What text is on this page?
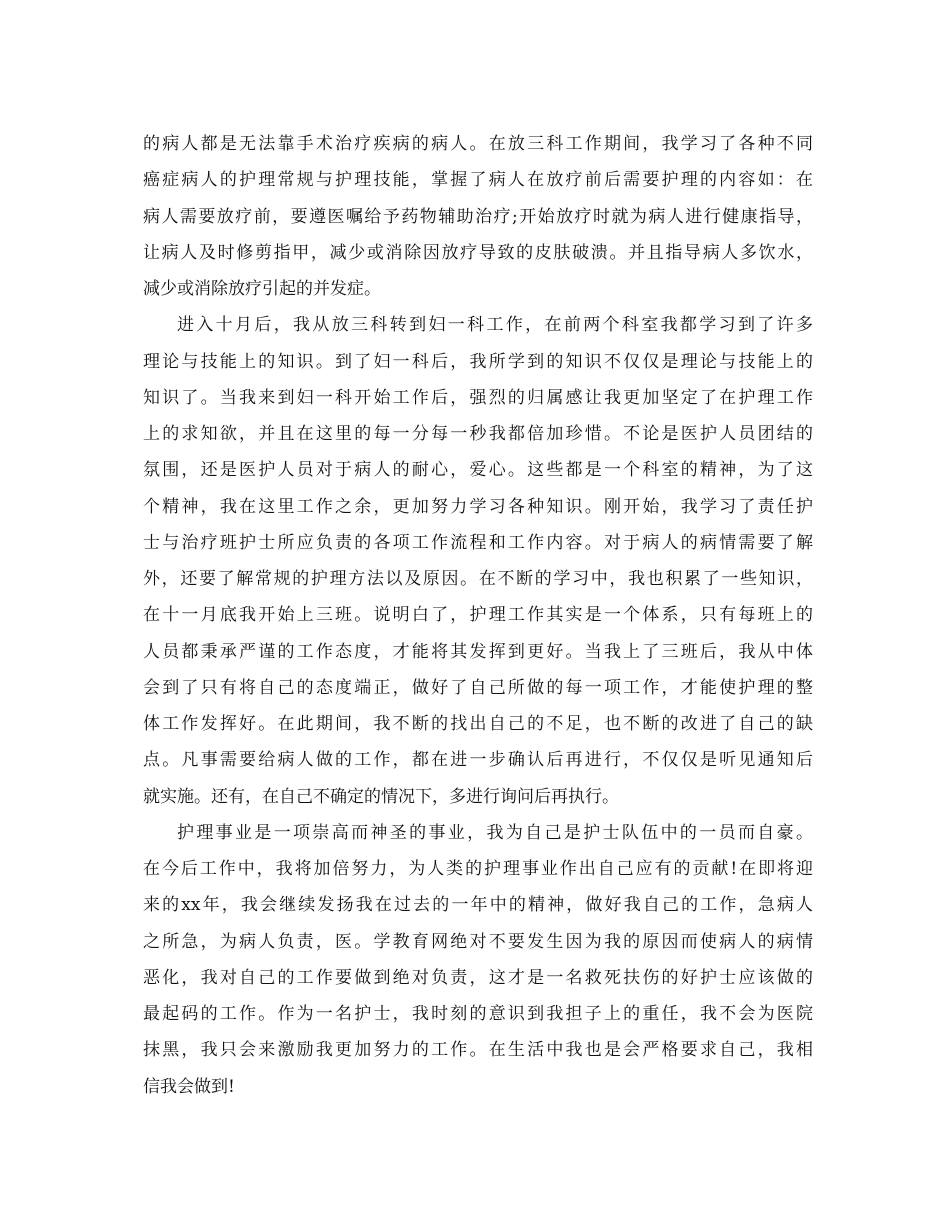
的病人都是无法靠手术治疗疾病的病人。在放三科工作期间，我学习了各种不同
癌症病人的护理常规与护理技能，掌握了病人在放疗前后需要护理的内容如：在
病人需要放疗前，要遵医嘱给予药物辅助治疗;开始放疗时就为病人进行健康指导，
让病人及时修剪指甲，减少或消除因放疗导致的皮肤破溃。并且指导病人多饮水，
减少或消除放疗引起的并发症。
进入十月后，我从放三科转到妇一科工作，在前两个科室我都学习到了许多
理论与技能上的知识。到了妇一科后，我所学到的知识不仅仅是理论与技能上的
知识了。当我来到妇一科开始工作后，强烈的归属感让我更加坚定了在护理工作
上的求知欲，并且在这里的每一分每一秒我都倍加珍惜。不论是医护人员团结的
氛围，还是医护人员对于病人的耐心，爱心。这些都是一个科室的精神，为了这
个精神，我在这里工作之余，更加努力学习各种知识。刚开始，我学习了责任护
士与治疗班护士所应负责的各项工作流程和工作内容。对于病人的病情需要了解
外，还要了解常规的护理方法以及原因。在不断的学习中，我也积累了一些知识，
在十一月底我开始上三班。说明白了，护理工作其实是一个体系，只有每班上的
人员都秉承严谨的工作态度，才能将其发挥到更好。当我上了三班后，我从中体
会到了只有将自己的态度端正，做好了自己所做的每一项工作，才能使护理的整
体工作发挥好。在此期间，我不断的找出自己的不足，也不断的改进了自己的缺
点。凡事需要给病人做的工作，都在进一步确认后再进行，不仅仅是听见通知后
就实施。还有，在自己不确定的情况下，多进行询问后再执行。
护理事业是一项崇高而神圣的事业，我为自己是护士队伍中的一员而自豪。
在今后工作中，我将加倍努力，为人类的护理事业作出自己应有的贡献!在即将迎
来的xx年，我会继续发扬我在过去的一年中的精神，做好我自己的工作，急病人
之所急，为病人负责，医。学教育网绝对不要发生因为我的原因而使病人的病情
恶化，我对自己的工作要做到绝对负责，这才是一名救死扶伤的好护士应该做的
最起码的工作。作为一名护士，我时刻的意识到我担子上的重任，我不会为医院
抹黑，我只会来激励我更加努力的工作。在生活中我也是会严格要求自己，我相
信我会做到!
